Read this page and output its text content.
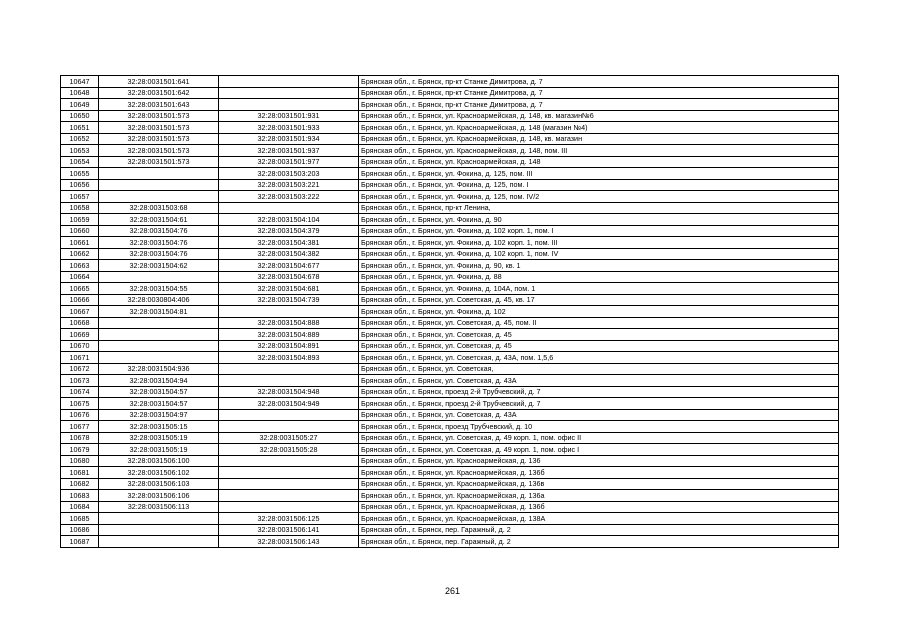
10647	32:28:0031501:641		Брянская обл., г. Брянск, пр-кт Станке Димитрова, д. 7
10648	32:28:0031501:642		Брянская обл., г. Брянск, пр-кт Станке Димитрова, д. 7
10649	32:28:0031501:643		Брянская обл., г. Брянск, пр-кт Станке Димитрова, д. 7
10650	32:28:0031501:573	32:28:0031501:931	Брянская обл., г. Брянск, ул. Красноармейская, д. 148, кв. магазин№6
10651	32:28:0031501:573	32:28:0031501:933	Брянская обл., г. Брянск, ул. Красноармейская, д. 148 (магазин №4)
10652	32:28:0031501:573	32:28:0031501:934	Брянская обл., г. Брянск, ул. Красноармейская, д. 148, кв. магазин
10653	32:28:0031501:573	32:28:0031501:937	Брянская обл., г. Брянск, ул. Красноармейская, д. 148, пом. III
10654	32:28:0031501:573	32:28:0031501:977	Брянская обл., г. Брянск, ул. Красноармейская, д. 148
10655		32:28:0031503:203	Брянская обл., г. Брянск, ул. Фокина, д. 125, пом. III
10656		32:28:0031503:221	Брянская обл., г. Брянск, ул. Фокина, д. 125, пом. I
10657		32:28:0031503:222	Брянская обл., г. Брянск, ул. Фокина, д. 125, пом. IV/2
10658	32:28:0031503:68		Брянская обл., г. Брянск, пр-кт Ленина,
10659	32:28:0031504:61	32:28:0031504:104	Брянская обл., г. Брянск, ул. Фокина, д. 90
10660	32:28:0031504:76	32:28:0031504:379	Брянская обл., г. Брянск, ул. Фокина, д. 102 корп. 1, пом. I
10661	32:28:0031504:76	32:28:0031504:381	Брянская обл., г. Брянск, ул. Фокина, д. 102 корп. 1, пом. III
10662	32:28:0031504:76	32:28:0031504:382	Брянская обл., г. Брянск, ул. Фокина, д. 102 корп. 1, пом. IV
10663	32:28:0031504:62	32:28:0031504:677	Брянская обл., г. Брянск, ул. Фокина, д. 90, кв. 1
10664		32:28:0031504:678	Брянская обл., г. Брянск, ул. Фокина, д. 88
10665	32:28:0031504:55	32:28:0031504:681	Брянская обл., г. Брянск, ул. Фокина, д. 104А, пом. 1
10666	32:28:0030804:406	32:28:0031504:739	Брянская обл., г. Брянск, ул. Советская, д. 45, кв. 17
10667	32:28:0031504:81		Брянская обл., г. Брянск, ул. Фокина, д. 102
10668		32:28:0031504:888	Брянская обл., г. Брянск, ул. Советская, д. 45, пом. II
10669		32:28:0031504:889	Брянская обл., г. Брянск, ул. Советская, д. 45
10670		32:28:0031504:891	Брянская обл., г. Брянск, ул. Советская, д. 45
10671		32:28:0031504:893	Брянская обл., г. Брянск, ул. Советская, д. 43А, пом. 1,5,6
10672	32:28:0031504:936		Брянская обл., г. Брянск, ул. Советская,
10673	32:28:0031504:94		Брянская обл., г. Брянск, ул. Советская, д. 43А
10674	32:28:0031504:57	32:28:0031504:948	Брянская обл., г. Брянск, проезд 2-й Трубчевский, д. 7
10675	32:28:0031504:57	32:28:0031504:949	Брянская обл., г. Брянск, проезд 2-й Трубчевский, д. 7
10676	32:28:0031504:97		Брянская обл., г. Брянск, ул. Советская, д. 43А
10677	32:28:0031505:15		Брянская обл., г. Брянск, проезд Трубчевский, д. 10
10678	32:28:0031505:19	32:28:0031505:27	Брянская обл., г. Брянск, ул. Советская, д. 49 корп. 1, пом. офис II
10679	32:28:0031505:19	32:28:0031505:28	Брянская обл., г. Брянск, ул. Советская, д. 49 корп. 1, пом. офис I
10680	32:28:0031506:100		Брянская обл., г. Брянск, ул. Красноармейская, д. 136
10681	32:28:0031506:102		Брянская обл., г. Брянск, ул. Красноармейская, д. 136б
10682	32:28:0031506:103		Брянская обл., г. Брянск, ул. Красноармейская, д. 136в
10683	32:28:0031506:106		Брянская обл., г. Брянск, ул. Красноармейская, д. 136а
10684	32:28:0031506:113		Брянская обл., г. Брянск, ул. Красноармейская, д. 136б
10685		32:28:0031506:125	Брянская обл., г. Брянск, ул. Красноармейская, д. 138А
10686		32:28:0031506:141	Брянская обл., г. Брянск, пер. Гаражный, д. 2
10687		32:28:0031506:143	Брянская обл., г. Брянск, пер. Гаражный, д. 2
261
